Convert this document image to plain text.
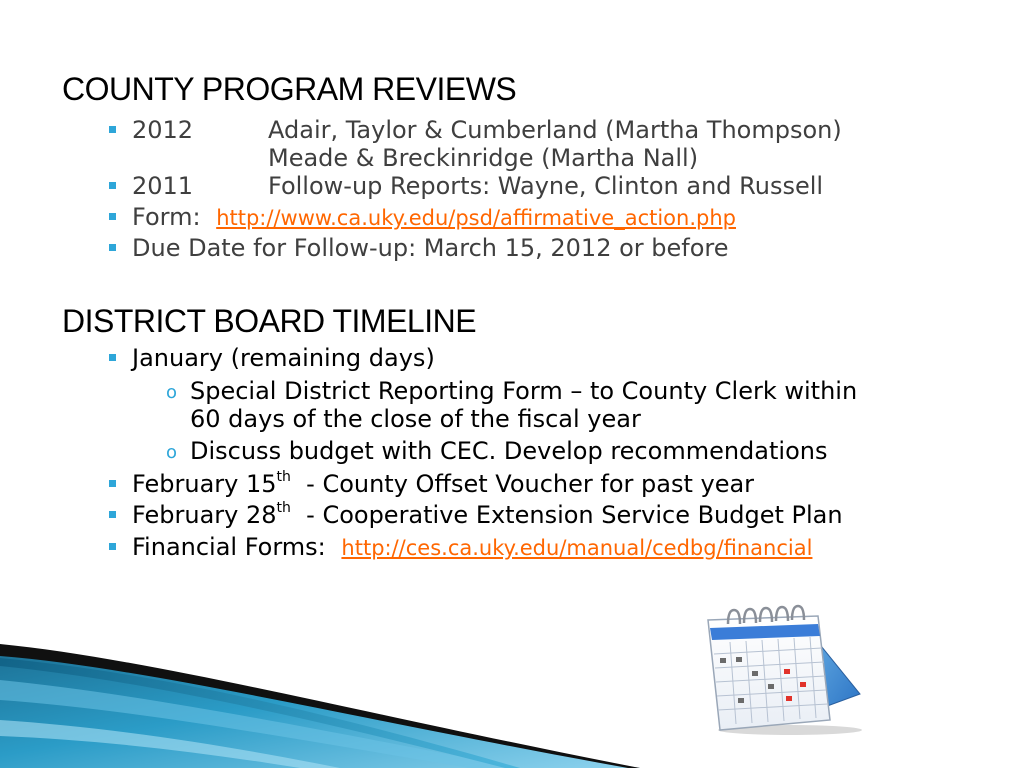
COUNTY PROGRAM REVIEWS
2012	Adair, Taylor & Cumberland (Martha Thompson)
Meade & Breckinridge (Martha Nall)
2011	Follow-up Reports: Wayne, Clinton and Russell
Form: http://www.ca.uky.edu/psd/affirmative_action.php
Due Date for Follow-up: March 15, 2012 or before
DISTRICT BOARD TIMELINE
January (remaining days)
o Special District Reporting Form – to County Clerk within
60 days of the close of the fiscal year
o Discuss budget with CEC. Develop recommendations
February 15th  - County Offset Voucher for past year
February 28th  - Cooperative Extension Service Budget Plan
Financial Forms: http://ces.ca.uky.edu/manual/cedbg/financial
